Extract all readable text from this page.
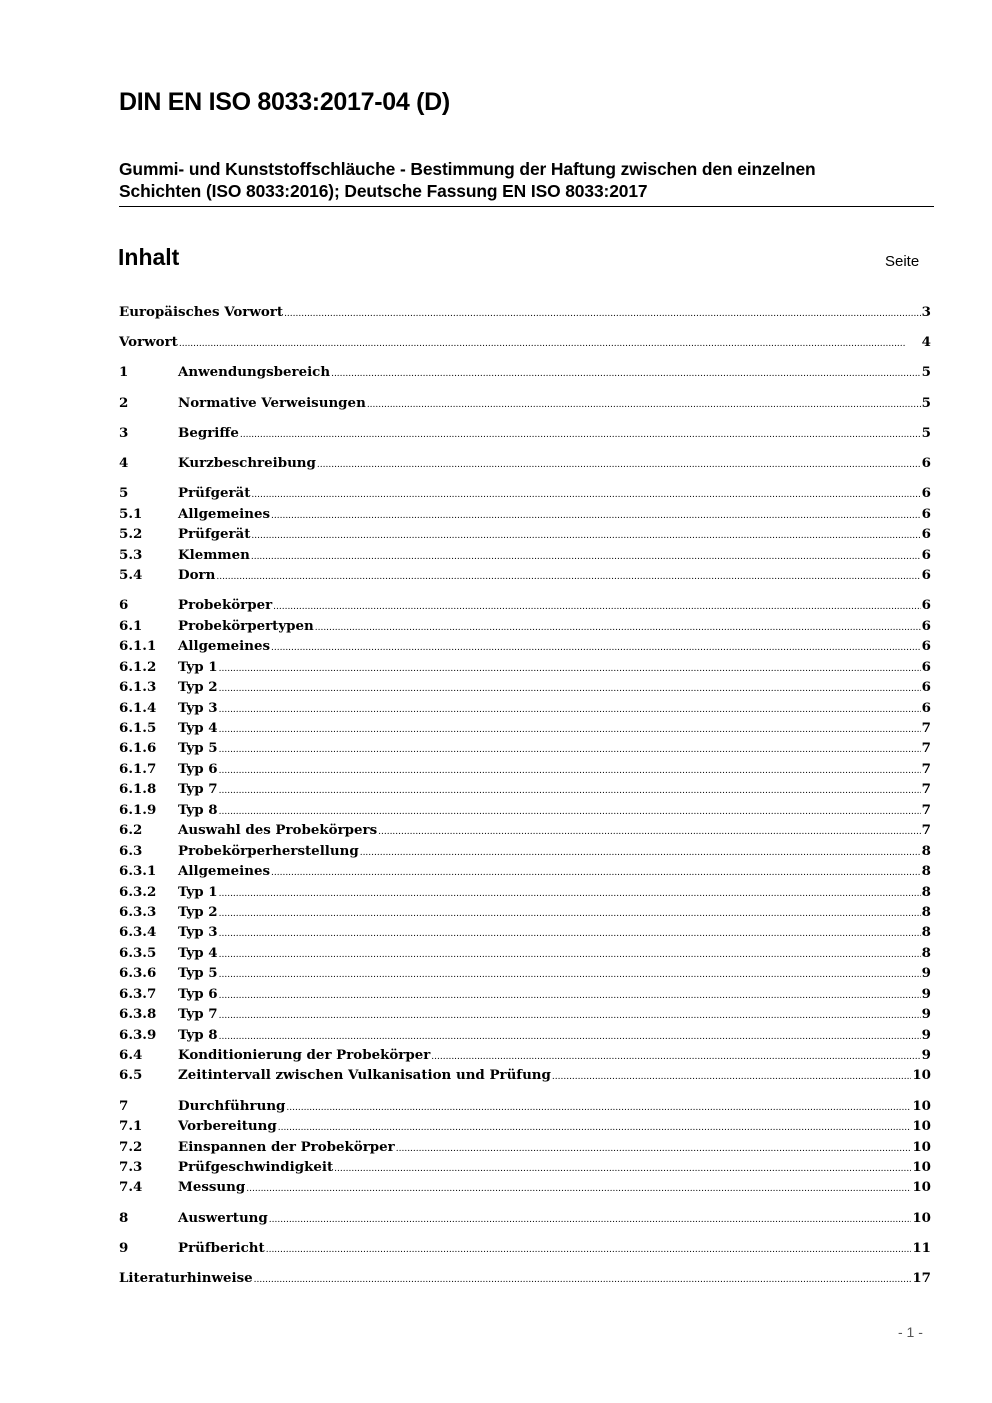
DIN EN ISO 8033:2017-04 (D)
Gummi- und Kunststoffschläuche - Bestimmung der Haftung zwischen den einzelnen
Schichten (ISO 8033:2016); Deutsche Fassung EN ISO 8033:2017
Inhalt	Seite
Europäisches Vorwort .....	3
Vorwort .....	4
1	Anwendungsbereich .....	5
2	Normative Verweisungen .....	5
3	Begriffe .....	5
4	Kurzbeschreibung .....	6
5	Prüfgerät .....	6
5.1	Allgemeines .....	6
5.2	Prüfgerät .....	6
5.3	Klemmen .....	6
5.4	Dorn .....	6
6	Probekörper .....	6
6.1	Probekörpertypen .....	6
6.1.1	Allgemeines .....	6
6.1.2	Typ 1 .....	6
6.1.3	Typ 2 .....	6
6.1.4	Typ 3 .....	6
6.1.5	Typ 4 .....	7
6.1.6	Typ 5 .....	7
6.1.7	Typ 6 .....	7
6.1.8	Typ 7 .....	7
6.1.9	Typ 8 .....	7
6.2	Auswahl des Probekörpers .....	7
6.3	Probekörperherstellung .....	8
6.3.1	Allgemeines .....	8
6.3.2	Typ 1 .....	8
6.3.3	Typ 2 .....	8
6.3.4	Typ 3 .....	8
6.3.5	Typ 4 .....	8
6.3.6	Typ 5 .....	9
6.3.7	Typ 6 .....	9
6.3.8	Typ 7 .....	9
6.3.9	Typ 8 .....	9
6.4	Konditionierung der Probekörper .....	9
6.5	Zeitintervall zwischen Vulkanisation und Prüfung .....	10
7	Durchführung .....	10
7.1	Vorbereitung .....	10
7.2	Einspannen der Probekörper .....	10
7.3	Prüfgeschwindigkeit .....	10
7.4	Messung .....	10
8	Auswertung .....	10
9	Prüfbericht .....	11
Literaturhinweise .....	17
- 1 -
